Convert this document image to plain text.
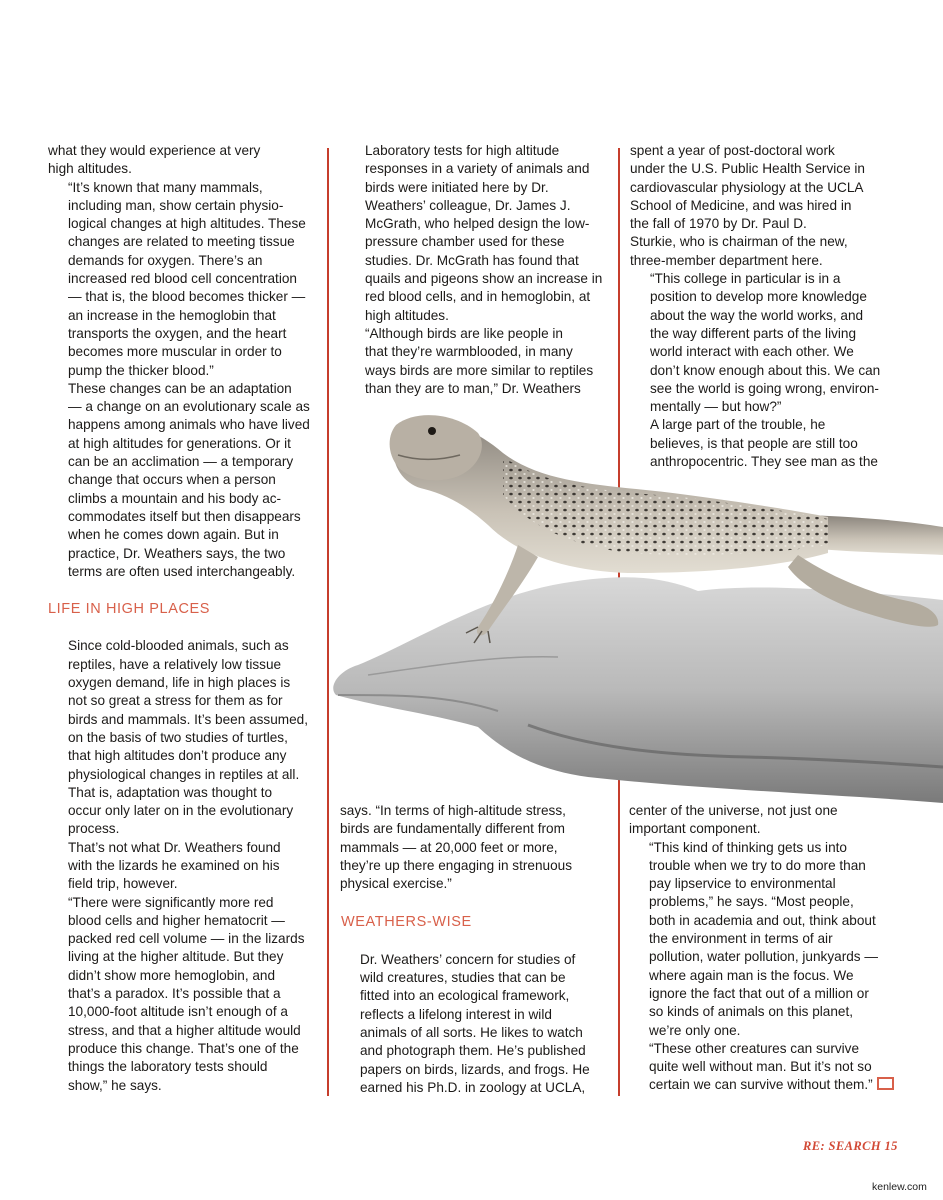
what they would experience at very
high altitudes.

“It’s known that many mammals,
including man, show certain physio-
logical changes at high altitudes. These
changes are related to meeting tissue
demands for oxygen. There’s an
increased red blood cell concentration
— that is, the blood becomes thicker —
an increase in the hemoglobin that
transports the oxygen, and the heart
becomes more muscular in order to
pump the thicker blood.”

These changes can be an adaptation
— a change on an evolutionary scale as
happens among animals who have lived
at high altitudes for generations. Or it
can be an acclimation — a temporary
change that occurs when a person
climbs a mountain and his body ac-
commodates itself but then disappears
when he comes down again. But in
practice, Dr. Weathers says, the two
terms are often used interchangeably.

LIFE IN HIGH PLACES

Since cold-blooded animals, such as
reptiles, have a relatively low tissue
oxygen demand, life in high places is
not so great a stress for them as for
birds and mammals. It’s been assumed,
on the basis of two studies of turtles,
that high altitudes don’t produce any
physiological changes in reptiles at all.
That is, adaptation was thought to
occur only later on in the evolutionary
process.

That’s not what Dr. Weathers found
with the lizards he examined on his
field trip, however.

“There were significantly more red
blood cells and higher hematocrit —
packed red cell volume — in the lizards
living at the higher altitude. But they
didn’t show more hemoglobin, and
that’s a paradox. It’s possible that a
10,000-foot altitude isn’t enough of a
stress, and that a higher altitude would
produce this change. That’s one of the
things the laboratory tests should
show,” he says.

Laboratory tests for high altitude
responses in a variety of animals and
birds were initiated here by Dr.
Weathers’ colleague, Dr. James J.
McGrath, who helped design the low-
pressure chamber used for these
studies. Dr. McGrath has found that
quails and pigeons show an increase in
red blood cells, and in hemoglobin, at
high altitudes.

“Although birds are like people in
that they’re warmblooded, in many
ways birds are more similar to reptiles
than they are to man,” Dr. Weathers

spent a year of post-doctoral work
under the U.S. Public Health Service in
cardiovascular physiology at the UCLA
School of Medicine, and was hired in
the fall of 1970 by Dr. Paul D.
Sturkie, who is chairman of the new,
three-member department here.

“This college in particular is in a
position to develop more knowledge
about the way the world works, and
the way different parts of the living
world interact with each other. We
don’t know enough about this. We can
see the world is going wrong, environ-
mentally — but how?”

A large part of the trouble, he
believes, is that people are still too
anthropocentric. They see man as the

says. “In terms of high-altitude stress,
birds are fundamentally different from
mammals — at 20,000 feet or more,
they’re up there engaging in strenuous
physical exercise.”

WEATHERS-WISE

Dr. Weathers’ concern for studies of
wild creatures, studies that can be
fitted into an ecological framework,
reflects a lifelong interest in wild
animals of all sorts. He likes to watch
and photograph them. He’s published
papers on birds, lizards, and frogs. He
earned his Ph.D. in zoology at UCLA,

center of the universe, not just one
important component.

“This kind of thinking gets us into
trouble when we try to do more than
pay lipservice to environmental
problems,” he says. “Most people,
both in academia and out, think about
the environment in terms of air
pollution, water pollution, junkyards —
where again man is the focus. We
ignore the fact that out of a million or
so kinds of animals on this planet,
we’re only one.

“These other creatures can survive
quite well without man. But it’s not so
certain we can survive without them.”

RE: SEARCH 15
kenlew.com
